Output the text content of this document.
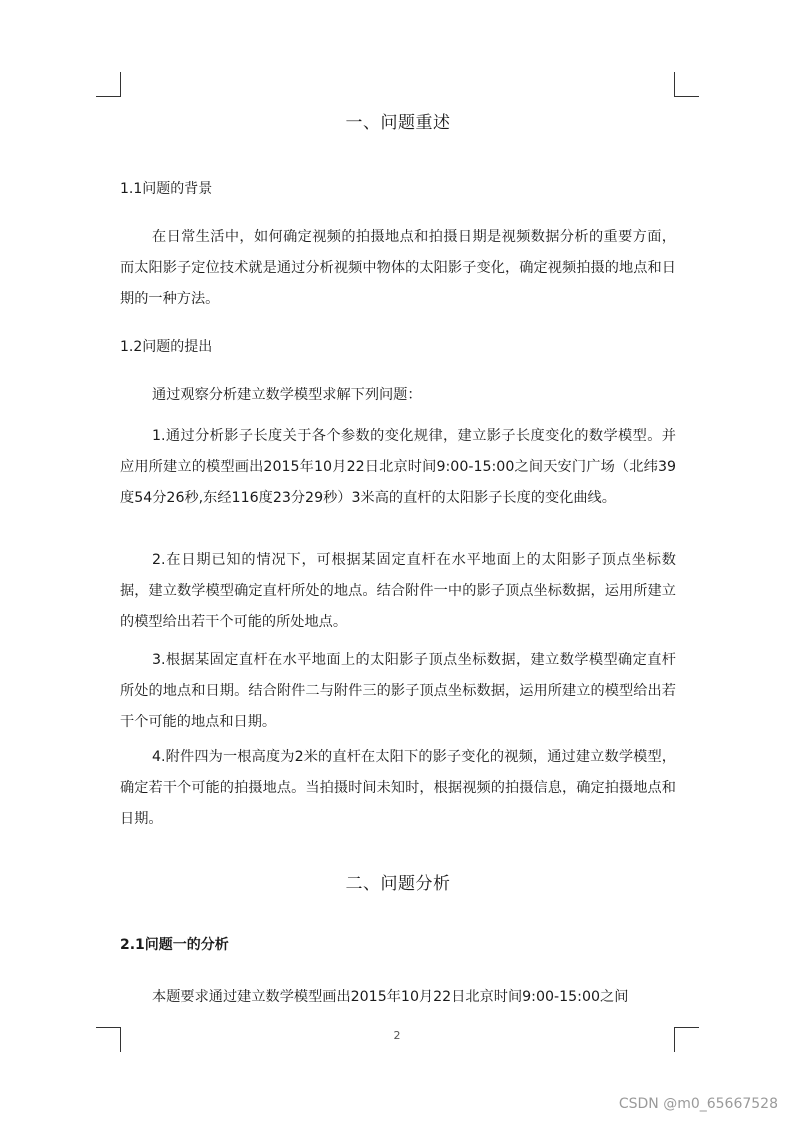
一、问题重述
1.1问题的背景

在日常生活中，如何确定视频的拍摄地点和拍摄日期是视频数据分析的重要方面，而太阳影子定位技术就是通过分析视频中物体的太阳影子变化，确定视频拍摄的地点和日期的一种方法。

1.2问题的提出

通过观察分析建立数学模型求解下列问题：

1.通过分析影子长度关于各个参数的变化规律，建立影子长度变化的数学模型。并应用所建立的模型画出2015年10月22日北京时间9:00-15:00之间天安门广场（北纬39度54分26秒,东经116度23分29秒）3米高的直杆的太阳影子长度的变化曲线。

2.在日期已知的情况下，可根据某固定直杆在水平地面上的太阳影子顶点坐标数据，建立数学模型确定直杆所处的地点。结合附件一中的影子顶点坐标数据，运用所建立的模型给出若干个可能的所处地点。

3.根据某固定直杆在水平地面上的太阳影子顶点坐标数据，建立数学模型确定直杆所处的地点和日期。结合附件二与附件三的影子顶点坐标数据，运用所建立的模型给出若干个可能的地点和日期。

4.附件四为一根高度为2米的直杆在太阳下的影子变化的视频，通过建立数学模型，确定若干个可能的拍摄地点。当拍摄时间未知时，根据视频的拍摄信息，确定拍摄地点和日期。

二、问题分析
2.1问题一的分析

本题要求通过建立数学模型画出2015年10月22日北京时间9:00-15:00之间

2
CSDN @m0_65667528
